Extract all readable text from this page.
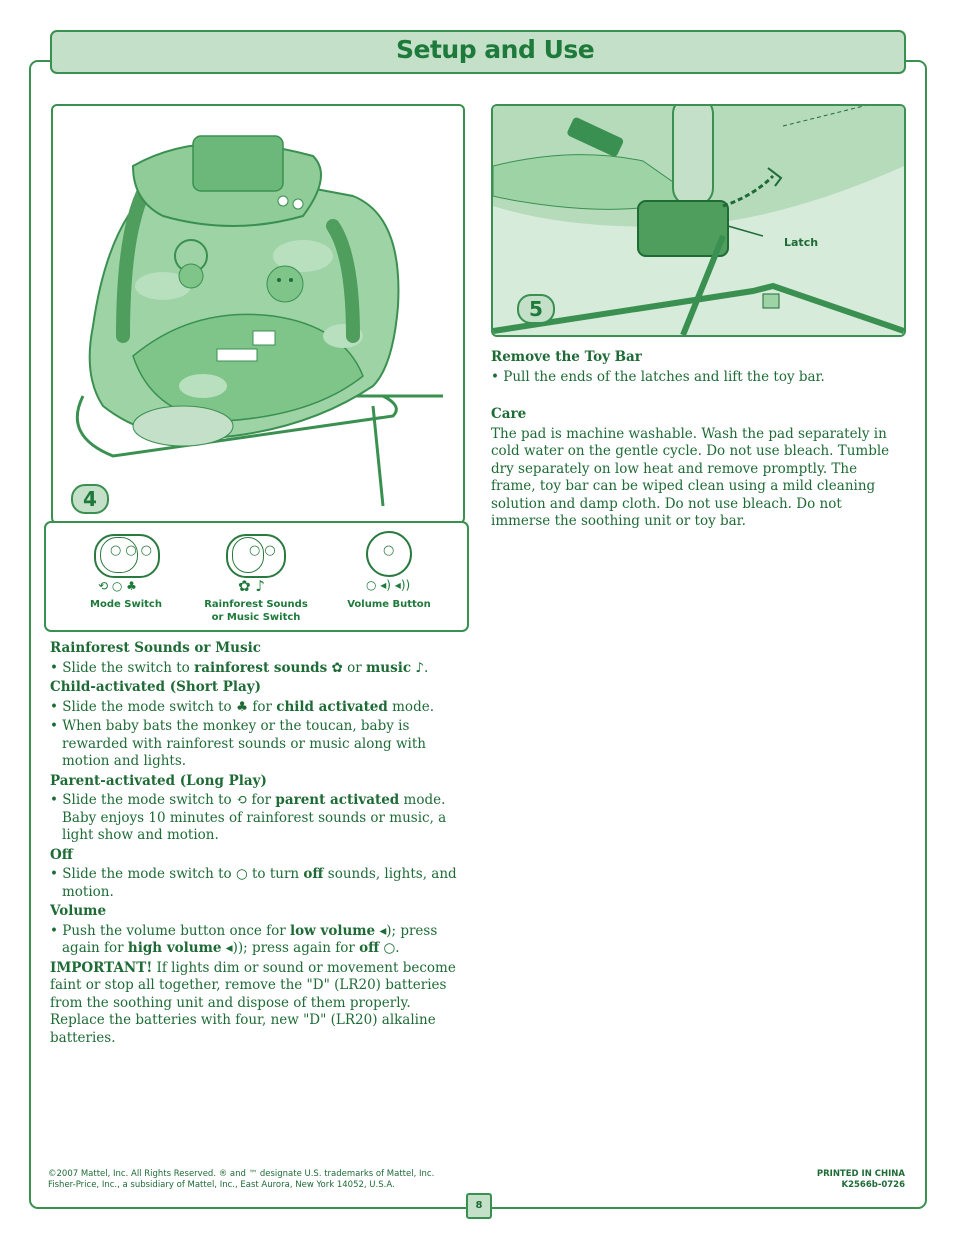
Setup and Use
4
5
Latch
○○○
⟲ ○ ♣
Mode Switch
○○
✿ ♪
Rainforest Sounds
or Music Switch
○
○ ◂) ◂))
Volume Button

Rainforest Sounds or Music

• Slide the switch to rainforest sounds ✿ or music ♪.

Child-activated (Short Play)

• Slide the mode switch to ♣ for child activated mode.

• When baby bats the monkey or the toucan, baby is rewarded with rainforest sounds or music along with motion and lights.

Parent-activated (Long Play)

• Slide the mode switch to ⟲ for parent activated mode. Baby enjoys 10 minutes of rainforest sounds or music, a light show and motion.

Off

• Slide the mode switch to ○ to turn off sounds, lights, and motion.

Volume

• Push the volume button once for low volume ◂); press again for high volume ◂)); press again for off ○.

IMPORTANT! If lights dim or sound or movement become faint or stop all together, remove the "D" (LR20) batteries from the soothing unit and dispose of them properly. Replace the batteries with four, new "D" (LR20) alkaline batteries.

Remove the Toy Bar

• Pull the ends of the latches and lift the toy bar.

Care

The pad is machine washable. Wash the pad separately in cold water on the gentle cycle. Do not use bleach. Tumble dry separately on low heat and remove promptly. The frame, toy bar can be wiped clean using a mild cleaning solution and damp cloth. Do not use bleach. Do not immerse the soothing unit or toy bar.

©2007 Mattel, Inc. All Rights Reserved. ® and ™ designate U.S. trademarks of Mattel, Inc.
Fisher-Price, Inc., a subsidiary of Mattel, Inc., East Aurora, New York 14052, U.S.A.
PRINTED IN CHINA
K2566b-0726
8
